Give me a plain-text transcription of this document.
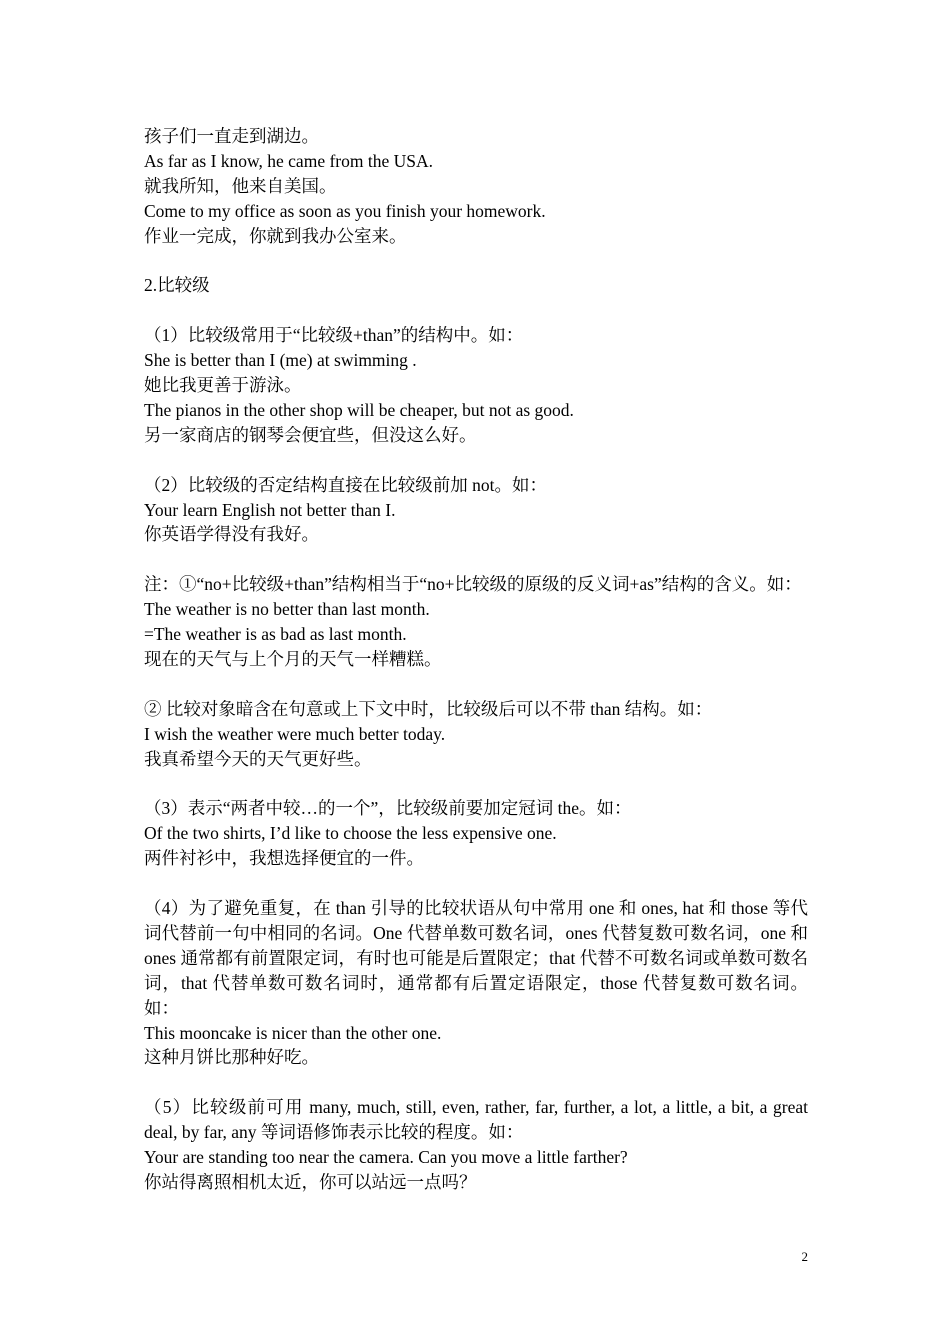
孩子们一直走到湖边。

As far as I know, he came from the USA.

就我所知，他来自美国。

Come to my office as soon as you finish your homework.

作业一完成，你就到我办公室来。

2.比较级

（1）比较级常用于“比较级+than”的结构中。如：

She is better than I (me) at swimming .

她比我更善于游泳。

The pianos in the other shop will be cheaper, but not as good.

另一家商店的钢琴会便宜些，但没这么好。

（2）比较级的否定结构直接在比较级前加 not。如：

Your learn English not better than I.

你英语学得没有我好。

注：①“no+比较级+than”结构相当于“no+比较级的原级的反义词+as”结构的含义。如：

The weather is no better than last month.

=The weather is as bad as last month.

现在的天气与上个月的天气一样糟糕。

② 比较对象暗含在句意或上下文中时，比较级后可以不带 than 结构。如：

I wish the weather were much better today.

我真希望今天的天气更好些。

（3）表示“两者中较…的一个”，比较级前要加定冠词 the。如：

Of the two shirts, I’d like to choose the less expensive one.

两件衬衫中，我想选择便宜的一件。

（4）为了避免重复，在 than 引导的比较状语从句中常用 one 和 ones, hat 和 those 等代词代替前一句中相同的名词。One 代替单数可数名词，ones 代替复数可数名词，one 和 ones 通常都有前置限定词，有时也可能是后置限定；that 代替不可数名词或单数可数名词，that 代替单数可数名词时，通常都有后置定语限定，those 代替复数可数名词。如：

This mooncake is nicer than the other one.

这种月饼比那种好吃。

（5）比较级前可用 many, much, still, even, rather, far, further, a lot, a little, a bit, a great deal, by far, any 等词语修饰表示比较的程度。如：

Your are standing too near the camera. Can you move a little farther?

你站得离照相机太近，你可以站远一点吗？

2
